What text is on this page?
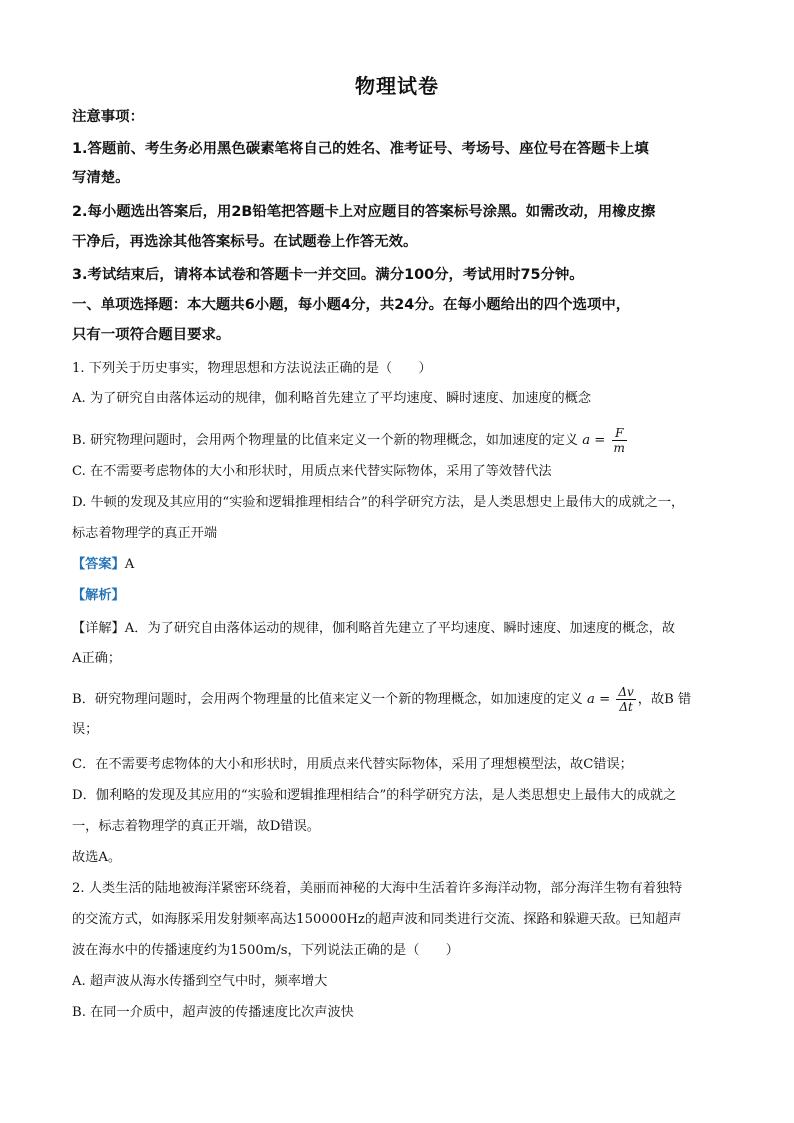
物理试卷
注意事项：
1.答题前、考生务必用黑色碳素笔将自己的姓名、准考证号、考场号、座位号在答题卡上填
写清楚。
2.每小题选出答案后，用2B铅笔把答题卡上对应题目的答案标号涂黑。如需改动，用橡皮擦
干净后，再选涂其他答案标号。在试题卷上作答无效。
3.考试结束后，请将本试卷和答题卡一并交回。满分100分，考试用时75分钟。
一、单项选择题：本大题共6小题，每小题4分，共24分。在每小题给出的四个选项中，
只有一项符合题目要求。
1. 下列关于历史事实，物理思想和方法说法正确的是（　　）
A. 为了研究自由落体运动的规律，伽利略首先建立了平均速度、瞬时速度、加速度的概念
B. 研究物理问题时，会用两个物理量的比值来定义一个新的物理概念，如加速度的定义 $a = \frac{F}{m}$
C. 在不需要考虑物体的大小和形状时，用质点来代替实际物体，采用了等效替代法
D. 牛顿的发现及其应用的“实验和逻辑推理相结合”的科学研究方法，是人类思想史上最伟大的成就之一，
标志着物理学的真正开端
【答案】A
【解析】
【详解】A．为了研究自由落体运动的规律，伽利略首先建立了平均速度、瞬时速度、加速度的概念，故
A正确；
B．研究物理问题时，会用两个物理量的比值来定义一个新的物理概念，如加速度的定义 $a = \frac{\Delta v}{\Delta t}$ ，故B 错
误；
C．在不需要考虑物体的大小和形状时，用质点来代替实际物体，采用了理想模型法，故C错误；
D．伽利略的发现及其应用的“实验和逻辑推理相结合”的科学研究方法，是人类思想史上最伟大的成就之
一，标志着物理学的真正开端，故D错误。
故选A。
2. 人类生活的陆地被海洋紧密环绕着，美丽而神秘的大海中生活着许多海洋动物，部分海洋生物有着独特
的交流方式，如海豚采用发射频率高达150000Hz的超声波和同类进行交流、探路和躲避天敌。已知超声
波在海水中的传播速度约为1500m/s，下列说法正确的是（　　）
A. 超声波从海水传播到空气中时，频率增大
B. 在同一介质中，超声波的传播速度比次声波快
